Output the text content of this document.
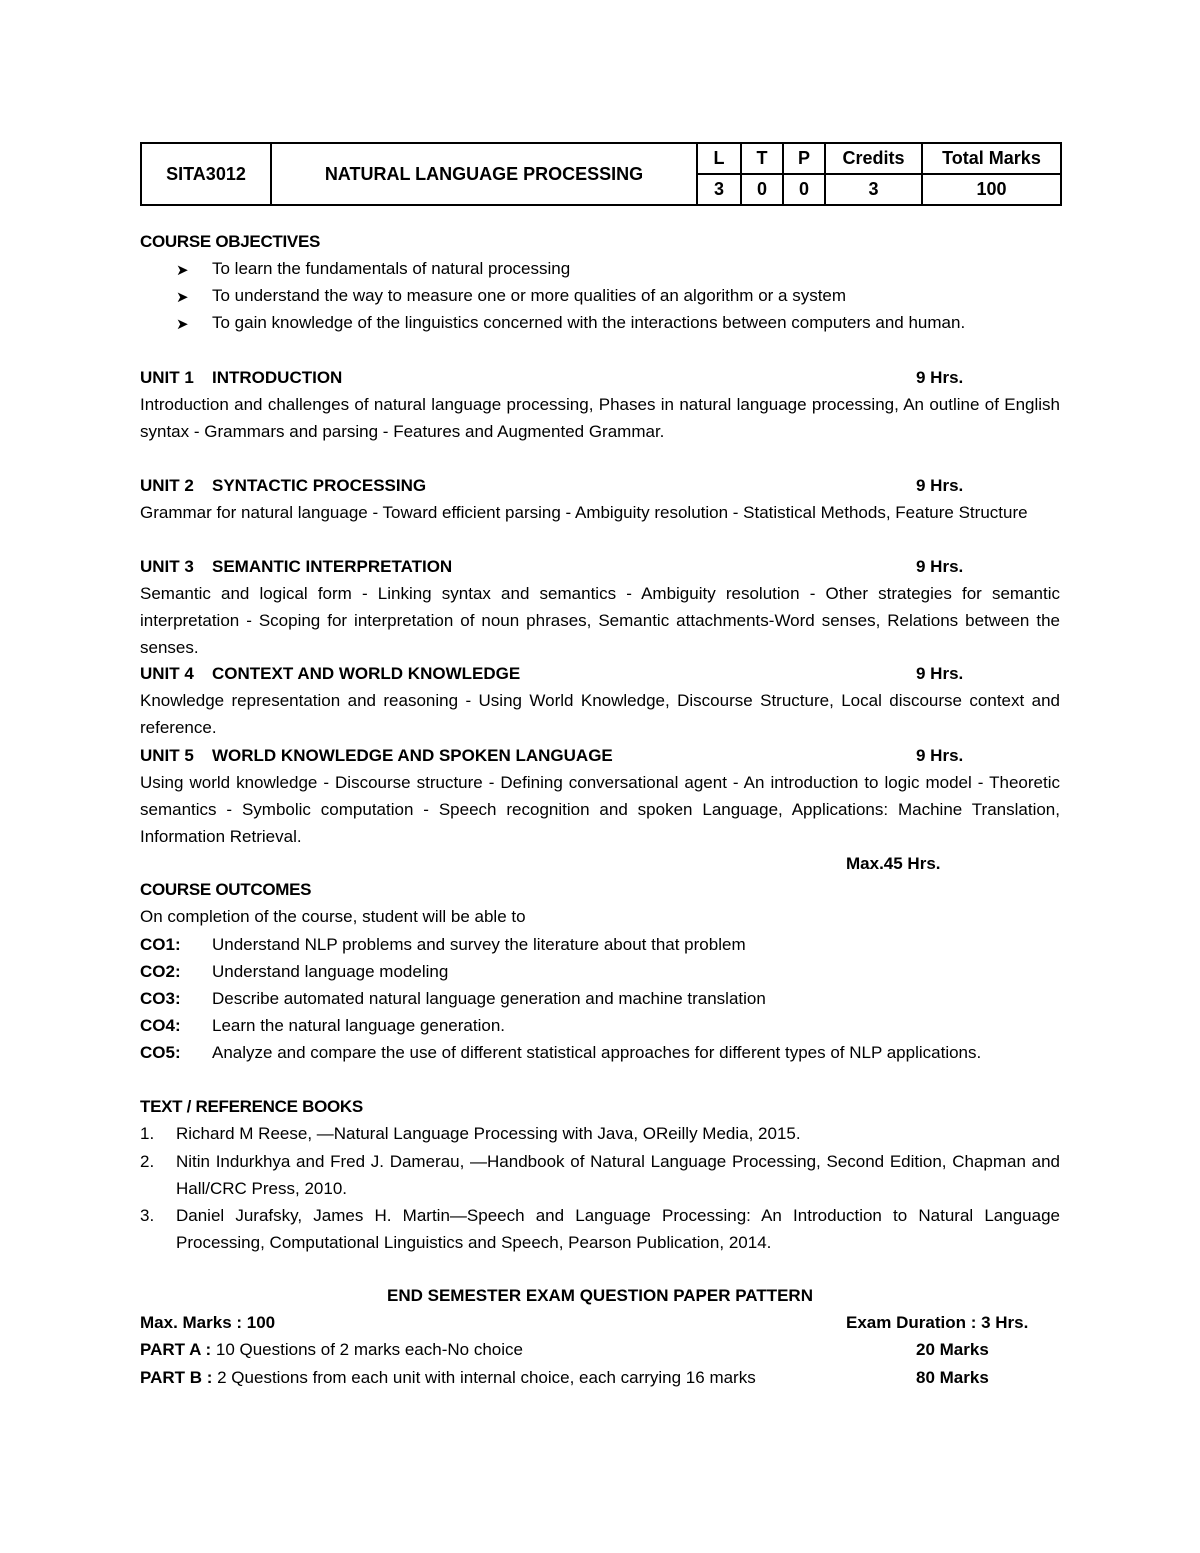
SITA3012	NATURAL LANGUAGE PROCESSING	L	T	P	Credits	Total Marks
		3	0	0	3	100
COURSE OBJECTIVES
➤ To learn the fundamentals of natural processing
➤ To understand the way to measure one or more qualities of an algorithm or a system
➤ To gain knowledge of the linguistics concerned with the interactions between computers and human.
UNIT 1 INTRODUCTION	9 Hrs.
Introduction and challenges of natural language processing, Phases in natural language processing, An outline of English syntax - Grammars and parsing - Features and Augmented Grammar.
UNIT 2 SYNTACTIC PROCESSING	9 Hrs.
Grammar for natural language - Toward efficient parsing - Ambiguity resolution - Statistical Methods, Feature Structure
UNIT 3 SEMANTIC INTERPRETATION	9 Hrs.
Semantic and logical form - Linking syntax and semantics - Ambiguity resolution - Other strategies for semantic interpretation - Scoping for interpretation of noun phrases, Semantic attachments-Word senses, Relations between the senses.
UNIT 4 CONTEXT AND WORLD KNOWLEDGE	9 Hrs.
Knowledge representation and reasoning - Using World Knowledge, Discourse Structure, Local discourse context and reference.
UNIT 5 WORLD KNOWLEDGE AND SPOKEN LANGUAGE	9 Hrs.
Using world knowledge - Discourse structure - Defining conversational agent - An introduction to logic model - Theoretic semantics - Symbolic computation - Speech recognition and spoken Language, Applications: Machine Translation, Information Retrieval.
Max.45 Hrs.
COURSE OUTCOMES
On completion of the course, student will be able to
CO1: Understand NLP problems and survey the literature about that problem
CO2: Understand language modeling
CO3: Describe automated natural language generation and machine translation
CO4: Learn the natural language generation.
CO5: Analyze and compare the use of different statistical approaches for different types of NLP applications.
TEXT / REFERENCE BOOKS
1. Richard M Reese, ―Natural Language Processing with Java, OReilly Media, 2015.
2. Nitin Indurkhya and Fred J. Damerau, ―Handbook of Natural Language Processing, Second Edition, Chapman and Hall/CRC Press, 2010.
3. Daniel Jurafsky, James H. Martin―Speech and Language Processing: An Introduction to Natural Language Processing, Computational Linguistics and Speech, Pearson Publication, 2014.
END SEMESTER EXAM QUESTION PAPER PATTERN
Max. Marks : 100	Exam Duration : 3 Hrs.
PART A : 10 Questions of 2 marks each-No choice	20 Marks
PART B : 2 Questions from each unit with internal choice, each carrying 16 marks	80 Marks
